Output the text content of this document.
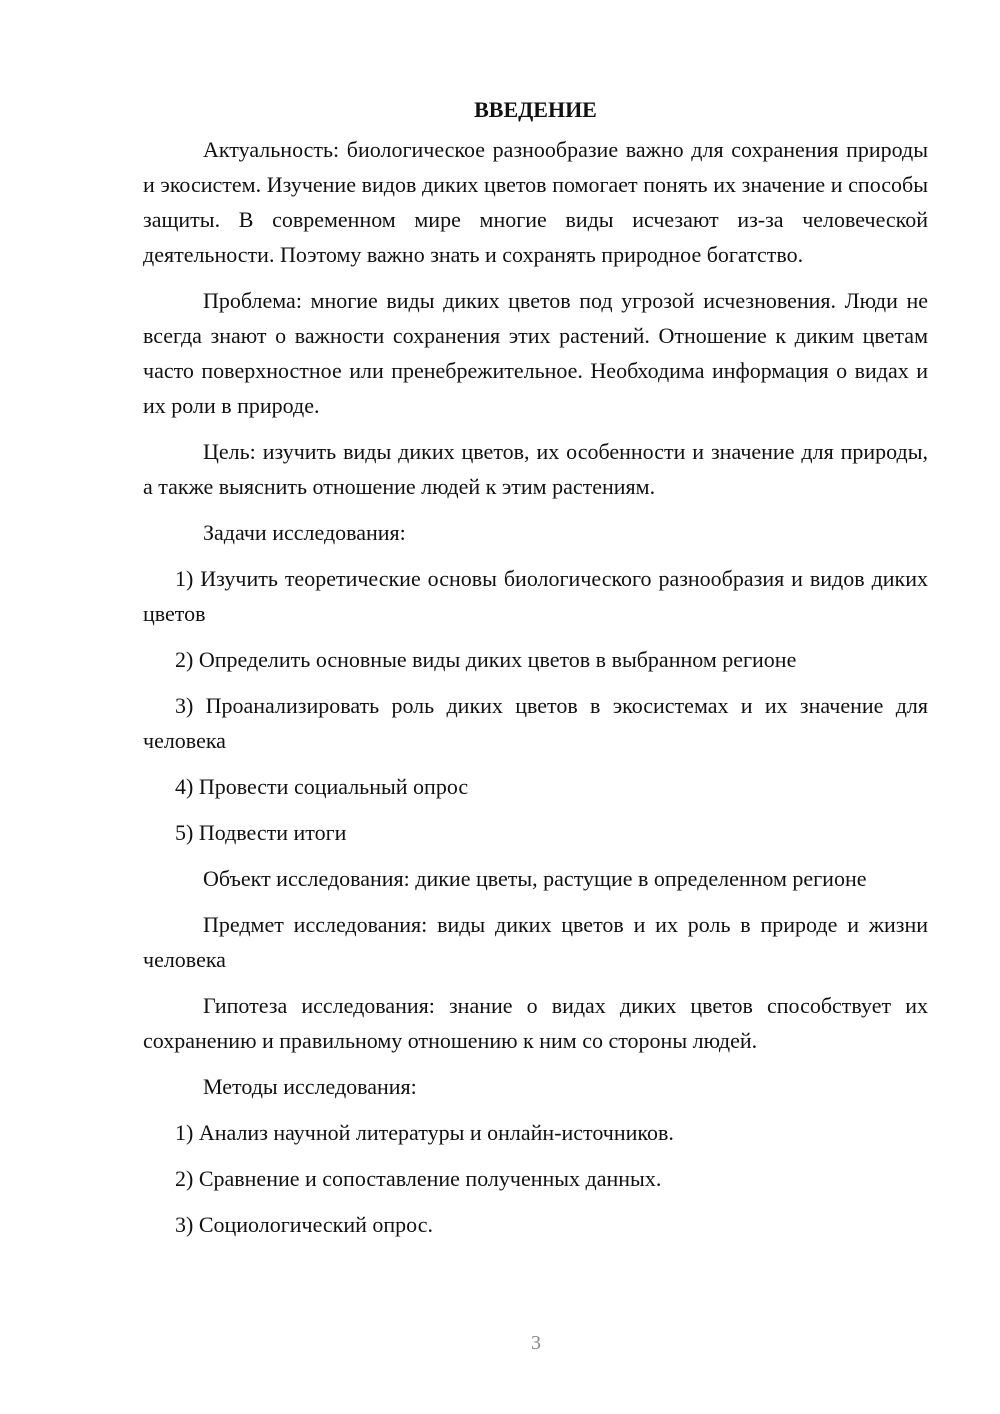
ВВЕДЕНИЕ

Актуальность: биологическое разнообразие важно для сохранения природы и экосистем. Изучение видов диких цветов помогает понять их значение и способы защиты. В современном мире многие виды исчезают из-за человеческой деятельности. Поэтому важно знать и сохранять природное богатство.

Проблема: многие виды диких цветов под угрозой исчезновения. Люди не всегда знают о важности сохранения этих растений. Отношение к диким цветам часто поверхностное или пренебрежительное. Необходима информация о видах и их роли в природе.

Цель: изучить виды диких цветов, их особенности и значение для природы, а также выяснить отношение людей к этим растениям.

Задачи исследования:

1) Изучить теоретические основы биологического разнообразия и видов диких цветов

2) Определить основные виды диких цветов в выбранном регионе

3) Проанализировать роль диких цветов в экосистемах и их значение для человека

4) Провести социальный опрос

5) Подвести итоги

Объект исследования: дикие цветы, растущие в определенном регионе

Предмет исследования: виды диких цветов и их роль в природе и жизни человека

Гипотеза исследования: знание о видах диких цветов способствует их сохранению и правильному отношению к ним со стороны людей.

Методы исследования:

1) Анализ научной литературы и онлайн-источников.

2) Сравнение и сопоставление полученных данных.

3) Социологический опрос.

3
